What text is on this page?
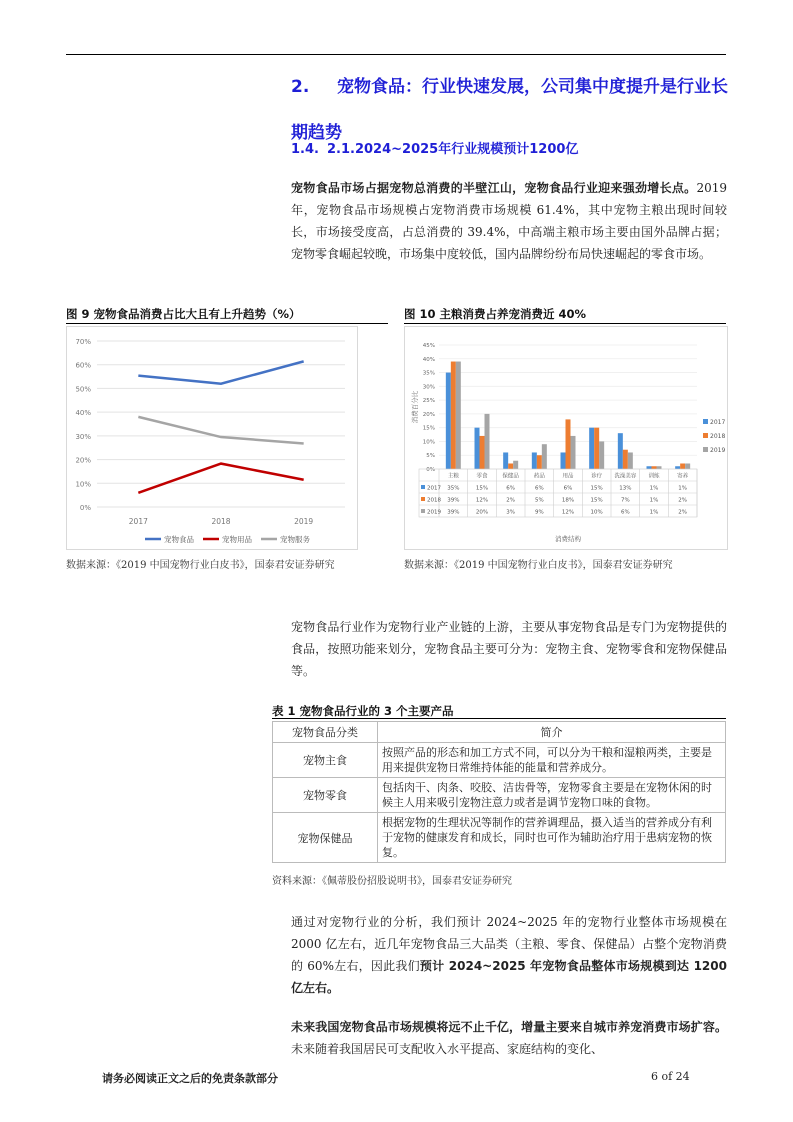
2. 宠物食品：行业快速发展，公司集中度提升是行业长期趋势
1.4. 2.1.2024~2025年行业规模预计1200亿
宠物食品市场占据宠物总消费的半壁江山，宠物食品行业迎来强劲增长点。2019 年，宠物食品市场规模占宠物消费市场规模 61.4%，其中宠物主粮出现时间较长，市场接受度高，占总消费的 39.4%，中高端主粮市场主要由国外品牌占据；宠物零食崛起较晚，市场集中度较低，国内品牌纷纷布局快速崛起的零食市场。
图 9 宠物食品消费占比大且有上升趋势（%）
0%
10%
20%
30%
40%
50%
60%
70%
2017	2018	2019
宠物食品	宠物用品	宠物服务
数据来源：《2019 中国宠物行业白皮书》，国泰君安证券研究
图 10 主粮消费占养宠消费近 40%
0%
5%
10%
15%
20%
25%
30%
35%
40%
45%
消费百分比
主粮	零食	保健品	药品	用品	诊疗 洗澡美容 训练	寄养
2017 35%	15%	6%	6%	6%	15%	13%	1%	1%
2018 39%	12%	2%	5%	18%	15%	7%	1%	2%
2019 39%	20%	3%	9%	12%	10%	6%	1%	2%
消费结构
2017
2018
2019
数据来源：《2019 中国宠物行业白皮书》，国泰君安证券研究
宠物食品行业作为宠物行业产业链的上游，主要从事宠物食品是专门为宠物提供的食品，按照功能来划分，宠物食品主要可分为：宠物主食、宠物零食和宠物保健品等。
表 1 宠物食品行业的 3 个主要产品
宠物食品分类	简介
宠物主食	按照产品的形态和加工方式不同，可以分为干粮和湿粮两类，主要是用来提供宠物日常维持体能的能量和营养成分。
宠物零食	包括肉干、肉条、咬胶、洁齿骨等，宠物零食主要是在宠物休闲的时候主人用来吸引宠物注意力或者是调节宠物口味的食物。
宠物保健品	根据宠物的生理状况等制作的营养调理品，摄入适当的营养成分有利于宠物的健康发育和成长，同时也可作为辅助治疗用于患病宠物的恢复。
资料来源：《佩蒂股份招股说明书》，国泰君安证券研究
通过对宠物行业的分析，我们预计 2024~2025 年的宠物行业整体市场规模在 2000 亿左右，近几年宠物食品三大品类（主粮、零食、保健品）占整个宠物消费的 60%左右，因此我们预计 2024~2025 年宠物食品整体市场规模到达 1200 亿左右。
未来我国宠物食品市场规模将远不止千亿，增量主要来自城市养宠消费市场扩容。未来随着我国居民可支配收入水平提高、家庭结构的变化、
请务必阅读正文之后的免责条款部分	6 of 24
